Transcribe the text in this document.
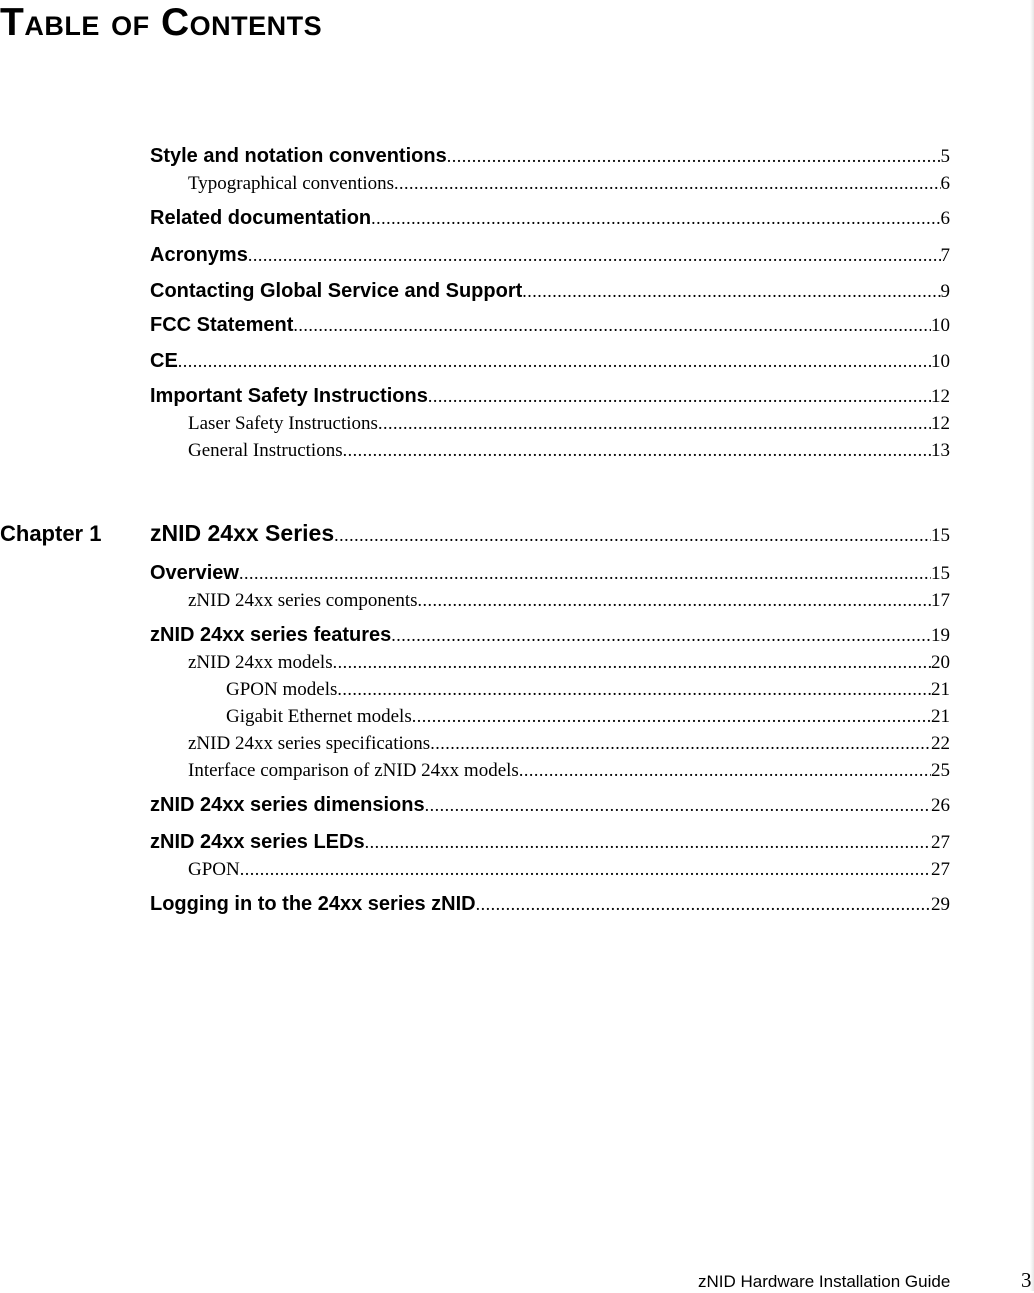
Table of Contents
Style and notation conventions .....	5
Typographical conventions .....	6
Related documentation .....	6
Acronyms .....	7
Contacting Global Service and Support .....	9
FCC Statement .....	10
CE .....	10
Important Safety Instructions .....	12
Laser Safety Instructions .....	12
General Instructions .....	13
Chapter 1 zNID 24xx Series .....	15
Overview .....	15
zNID 24xx series components .....	17
zNID 24xx series features .....	19
zNID 24xx models .....	20
GPON models .....	21
Gigabit Ethernet models .....	21
zNID 24xx series specifications .....	22
Interface comparison of zNID 24xx models .....	25
zNID 24xx series dimensions .....	26
zNID 24xx series LEDs .....	27
GPON .....	27
Logging in to the 24xx series zNID .....	29
zNID Hardware Installation Guide	3
